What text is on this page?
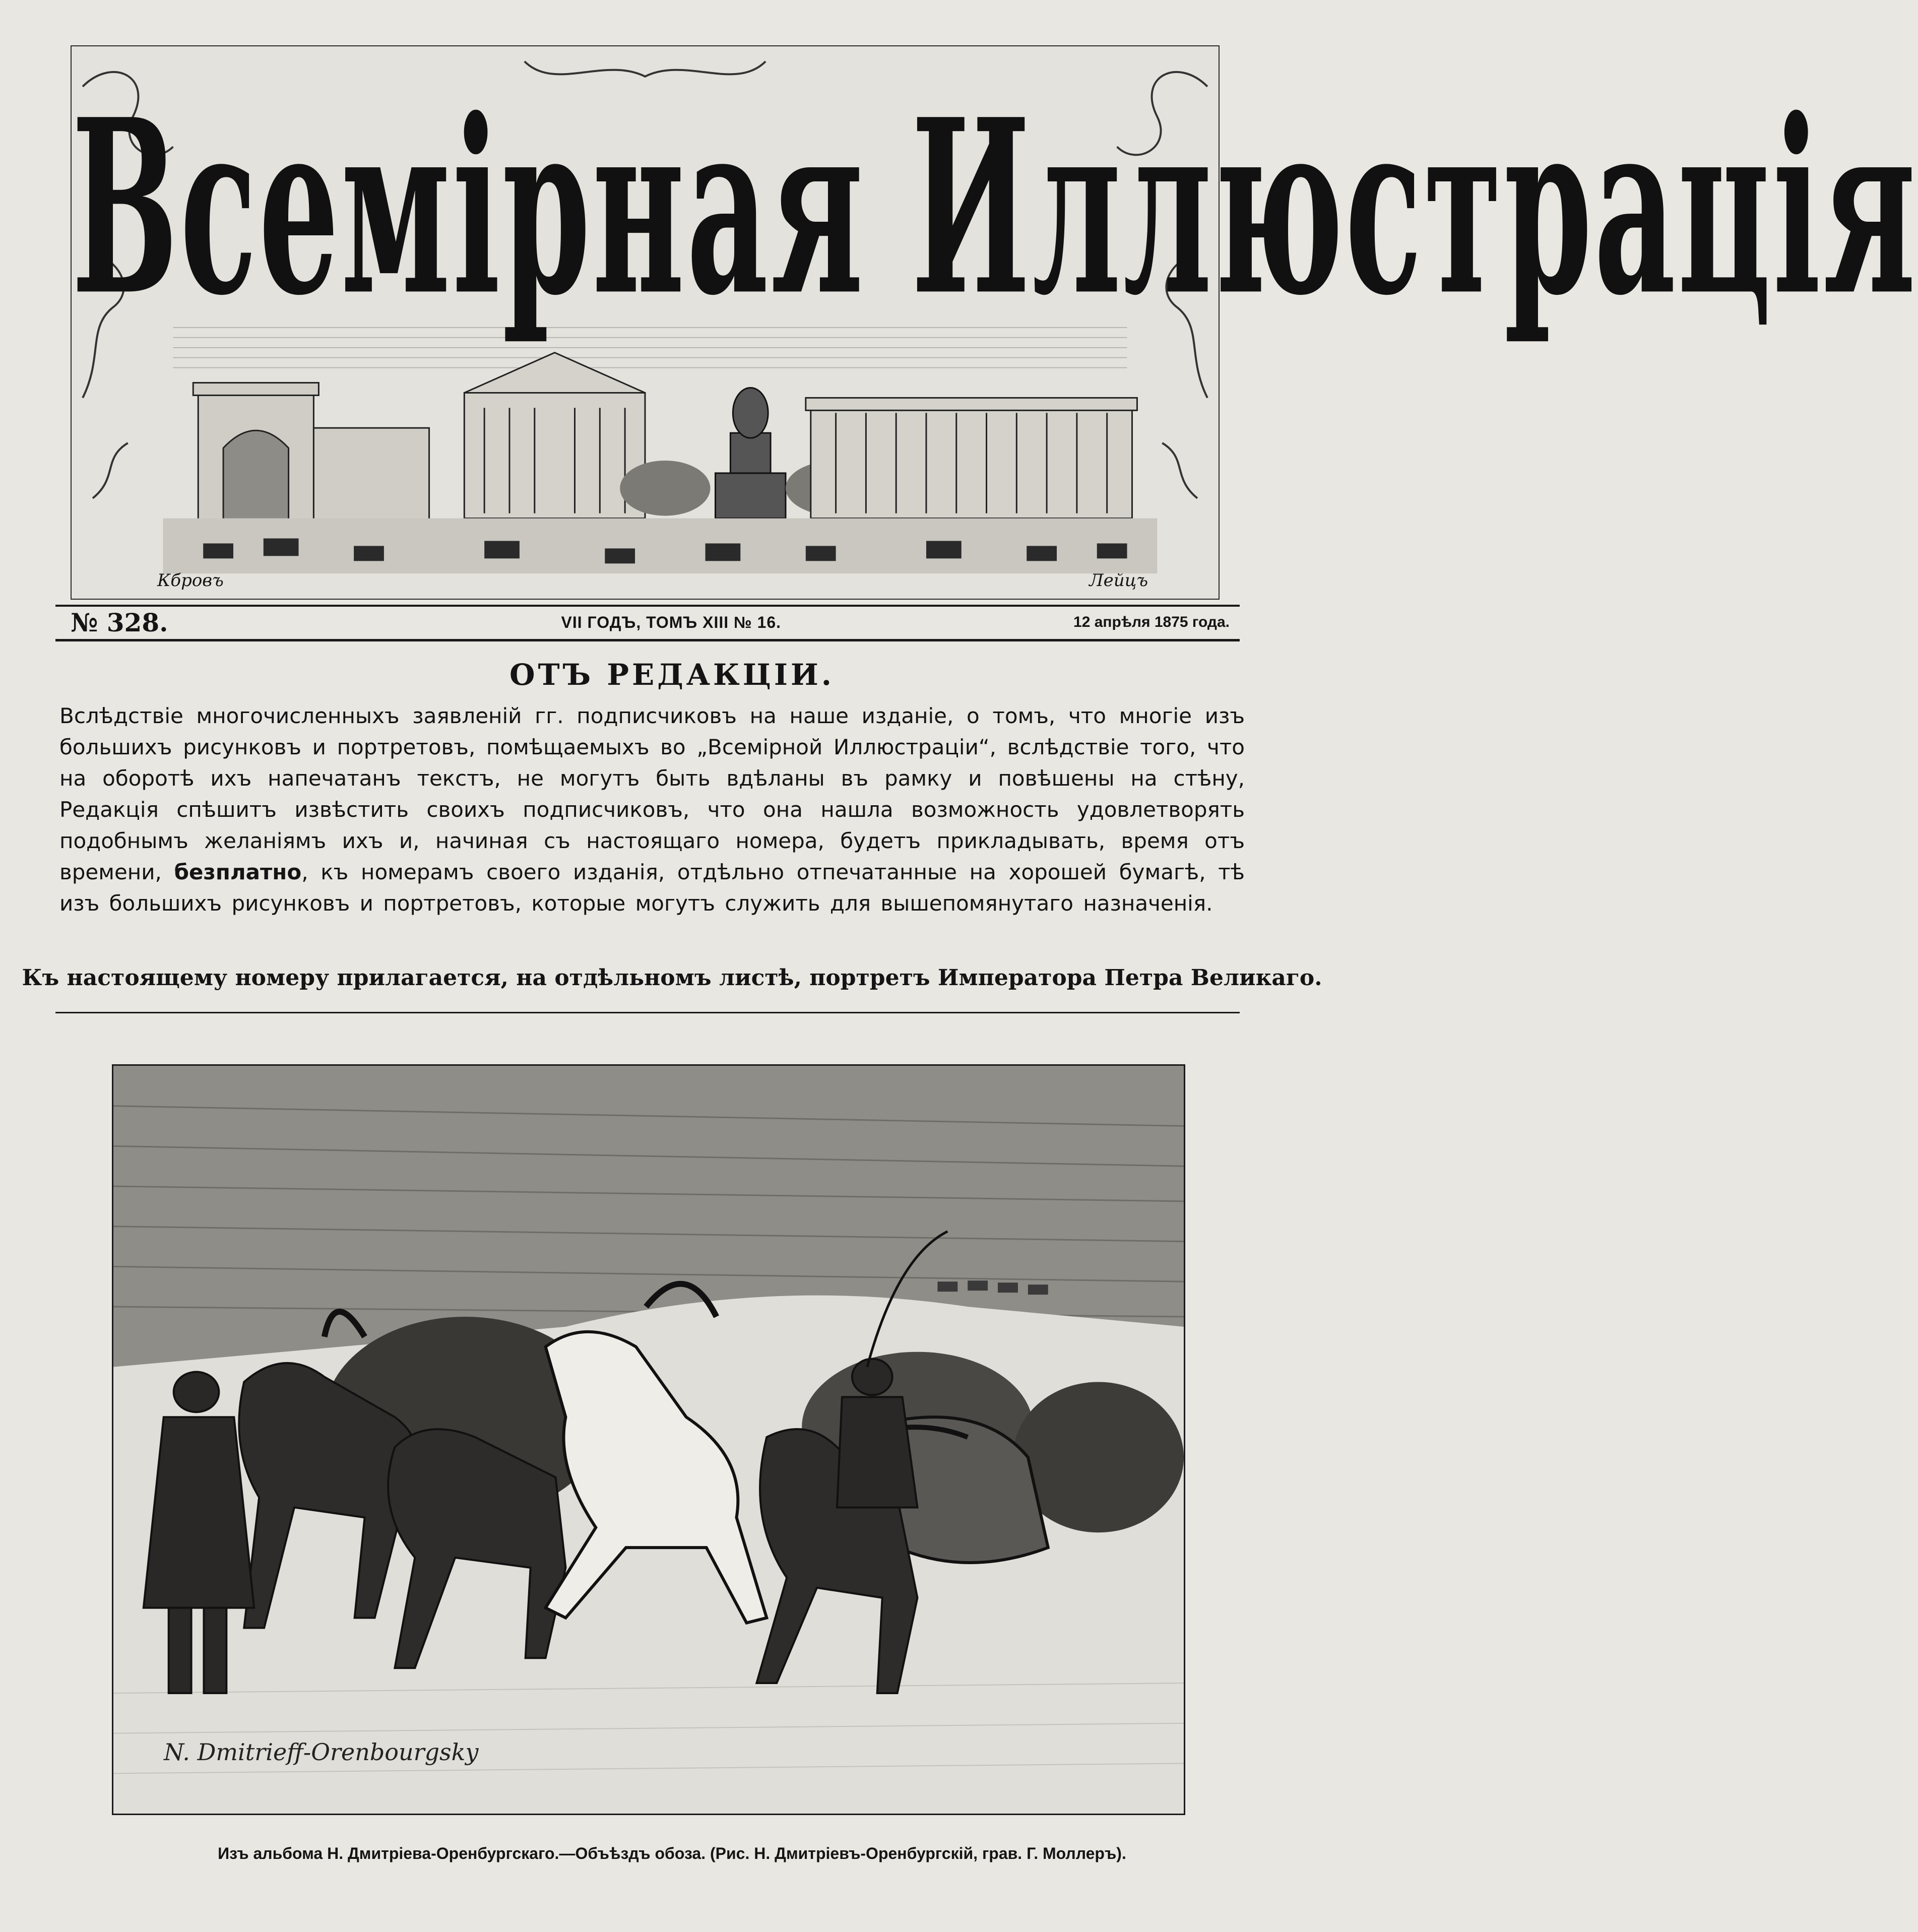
Всемірная Иллюстрація
Кбровъ	Лейцъ
№ 328.	VII ГОДЪ, ТОМЪ XIII № 16.	12 апрѣля 1875 года.
ОТЪ РЕДАКЦІИ.
Вслѣдствіе многочисленныхъ заявленій гг. подписчиковъ на наше изданіе, о томъ, что многіе изъ большихъ рисунковъ и портретовъ, помѣщаемыхъ во „Всемірной Иллюстраціи“, вслѣдствіе того, что на оборотѣ ихъ напечатанъ текстъ, не могутъ быть вдѣланы въ рамку и повѣшены на стѣну, Редакція спѣшитъ извѣстить своихъ подписчиковъ, что она нашла возможность удовлетворять подобнымъ желаніямъ ихъ и, начиная съ настоящаго номера, будетъ прикладывать, время отъ времени, безплатно, къ номерамъ своего изданія, отдѣльно отпечатанные на хорошей бумагѣ, тѣ изъ большихъ рисунковъ и портретовъ, которые могутъ служить для вышепомянутаго назначенія.
Къ настоящему номеру прилагается, на отдѣльномъ листѣ, портретъ Императора Петра Великаго.
N. Dmitrieff-Orenbourgsky
Изъ альбома Н. Дмитріева-Оренбургскаго.—Объѣздъ обоза. (Рис. Н. Дмитріевъ-Оренбургскій, грав. Г. Моллеръ).
